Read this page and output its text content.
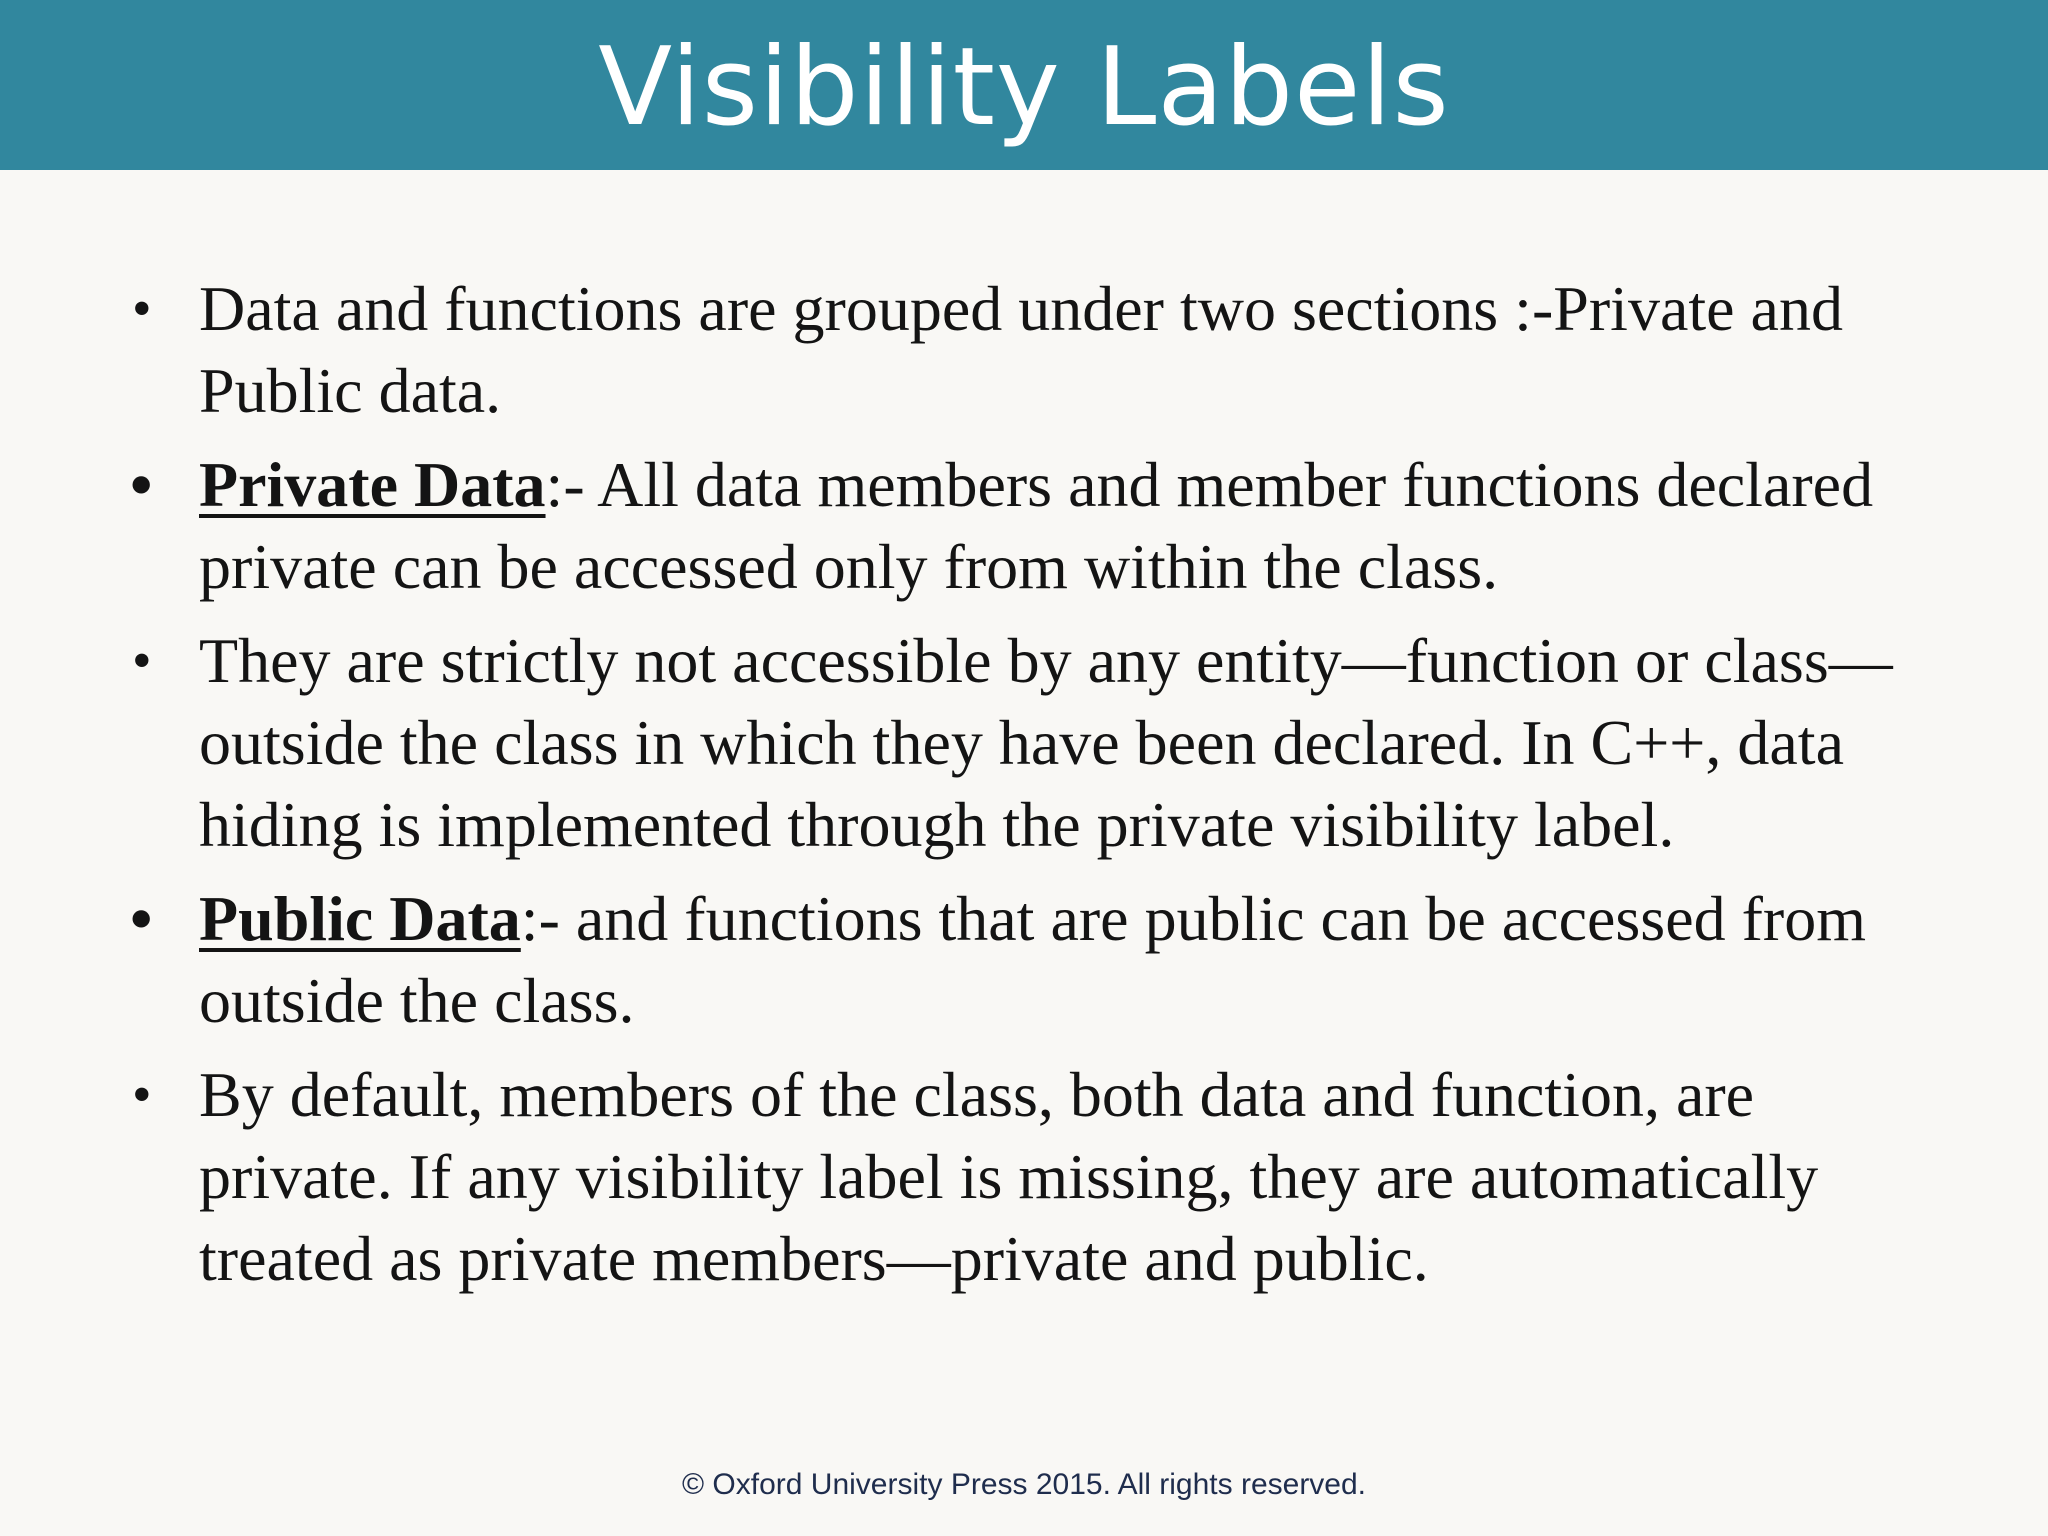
Visibility Labels
• Data and functions are grouped under two sections :-Private and Public data.
• Private Data:- All data members and member functions declared private can be accessed only from within the class.
• They are strictly not accessible by any entity—function or class—outside the class in which they have been declared. In C++, data hiding is implemented through the private visibility label.
• Public Data:- and functions that are public can be accessed from outside the class.
• By default, members of the class, both data and function, are private. If any visibility label is missing, they are automatically treated as private members—private and public.
© Oxford University Press 2015. All rights reserved.
